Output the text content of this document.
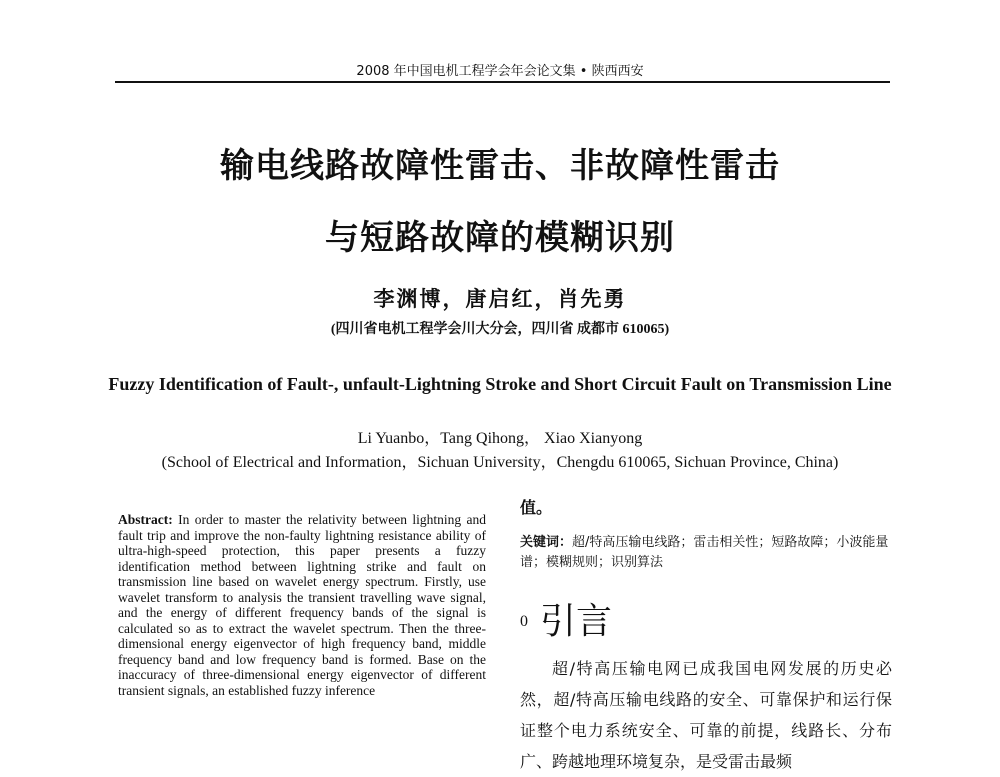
2008 年中国电机工程学会年会论文集 • 陕西西安
输电线路故障性雷击、非故障性雷击
与短路故障的模糊识别
李渊博，唐启红，肖先勇
(四川省电机工程学会川大分会，四川省 成都市 610065)
Fuzzy Identification of Fault-, unfault-Lightning Stroke and Short Circuit Fault on Transmission Line
Li Yuanbo，Tang Qihong， Xiao Xianyong
(School of Electrical and Information，Sichuan University，Chengdu 610065, Sichuan Province, China)
Abstract: In order to master the relativity between lightning and fault trip and improve the non-faulty lightning resistance ability of ultra-high-speed protection, this paper presents a fuzzy identification method between lightning strike and fault on transmission line based on wavelet energy spectrum. Firstly, use wavelet transform to analysis the transient travelling wave signal, and the energy of different frequency bands of the signal is calculated so as to extract the wavelet spectrum. Then the three-dimensional energy eigenvector of high frequency band, middle frequency band and low frequency band is formed. Base on the inaccuracy of three-dimensional energy eigenvector of different transient signals, an established fuzzy inference
值。
关键词：超/特高压输电线路；雷击相关性；短路故障；小波能量谱；模糊规则；识别算法
0 引言

超/特高压输电网已成我国电网发展的历史必然，超/特高压输电线路的安全、可靠保护和运行保证整个电力系统安全、可靠的前提，线路长、分布广、跨越地理环境复杂，是受雷击最频
